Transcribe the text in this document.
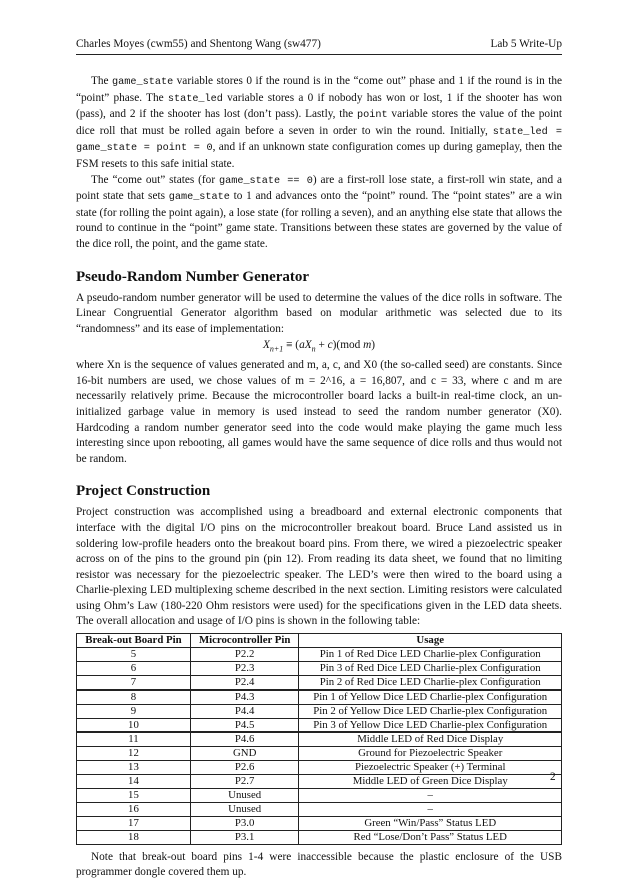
Charles Moyes (cwm55) and Shentong Wang (sw477)	Lab 5 Write-Up

The game_state variable stores 0 if the round is in the “come out” phase and 1 if the round is in the “point” phase. The state_led variable stores a 0 if nobody has won or lost, 1 if the shooter has won (pass), and 2 if the shooter has lost (don’t pass). Lastly, the point variable stores the value of the point dice roll that must be rolled again before a seven in order to win the round. Initially, state_led = game_state = point = 0, and if an unknown state configuration comes up during gameplay, then the FSM resets to this safe initial state.

The “come out” states (for game_state == 0) are a first-roll lose state, a first-roll win state, and a point state that sets game_state to 1 and advances onto the “point” round. The “point states” are a win state (for rolling the point again), a lose state (for rolling a seven), and an anything else state that allows the round to continue in the “point” game state. Transitions between these states are governed by the value of the dice roll, the point, and the game state.

Pseudo-Random Number Generator

A pseudo-random number generator will be used to determine the values of the dice rolls in software. The Linear Congruential Generator algorithm based on modular arithmetic was selected due to its “randomness” and its ease of implementation:

$X_{n+1} \equiv (aX_n + c)(mod$ m)

where Xn is the sequence of values generated and m, a, c, and X0 (the so-called seed) are constants. Since 16-bit numbers are used, we chose values of m = 2^16, a = 16,807, and c = 33, where c and m are necessarily relatively prime. Because the microcontroller board lacks a built-in real-time clock, an un-initialized garbage value in memory is used instead to seed the random number generator (X0). Hardcoding a random number generator seed into the code would make playing the game much less interesting since upon rebooting, all games would have the same sequence of dice rolls and thus would not be random.

Project Construction

Project construction was accomplished using a breadboard and external electronic components that interface with the digital I/O pins on the microcontroller breakout board. Bruce Land assisted us in soldering low-profile headers onto the breakout board pins. From there, we wired a piezoelectric speaker across on of the pins to the ground pin (pin 12). From reading its data sheet, we found that no limiting resistor was necessary for the piezoelectric speaker. The LED’s were then wired to the board using a Charlie-plexing LED multiplexing scheme described in the next section. Limiting resistors were calculated using Ohm’s Law (180-220 Ohm resistors were used) for the specifications given in the LED data sheets. The overall allocation and usage of I/O pins is shown in the following table:

Break-out Board Pin	Microcontroller Pin	Usage
5	P2.2	Pin 1 of Red Dice LED Charlie-plex Configuration
6	P2.3	Pin 3 of Red Dice LED Charlie-plex Configuration
7	P2.4	Pin 2 of Red Dice LED Charlie-plex Configuration
8	P4.3	Pin 1 of Yellow Dice LED Charlie-plex Configuration
9	P4.4	Pin 2 of Yellow Dice LED Charlie-plex Configuration
10	P4.5	Pin 3 of Yellow Dice LED Charlie-plex Configuration
11	P4.6	Middle LED of Red Dice Display
12	GND	Ground for Piezoelectric Speaker
13	P2.6	Piezoelectric Speaker (+) Terminal
14	P2.7	Middle LED of Green Dice Display
15	Unused	–
16	Unused	–
17	P3.0	Green “Win/Pass” Status LED
18	P3.1	Red “Lose/Don’t Pass” Status LED

Note that break-out board pins 1-4 were inaccessible because the plastic enclosure of the USB programmer dongle covered them up.

2
